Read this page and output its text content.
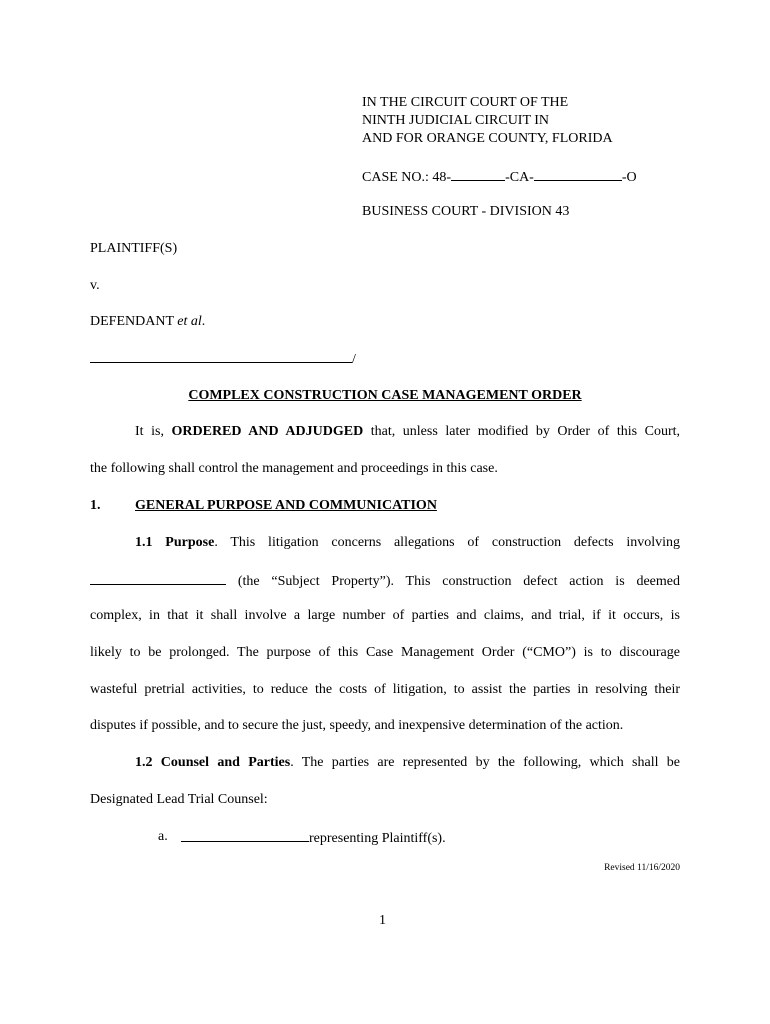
IN THE CIRCUIT COURT OF THE
NINTH JUDICIAL CIRCUIT IN
AND FOR ORANGE COUNTY, FLORIDA
CASE NO.: 48-	-CA-	-O
BUSINESS COURT - DIVISION 43
PLAINTIFF(S)
v.
DEFENDANT et al.
/
COMPLEX CONSTRUCTION CASE MANAGEMENT ORDER
It is, ORDERED AND ADJUDGED that, unless later modified by Order of this Court,
the following shall control the management and proceedings in this case.
1. GENERAL PURPOSE AND COMMUNICATION
1.1 Purpose. This litigation concerns allegations of construction defects involving
(the “Subject Property”). This construction defect action is deemed
complex, in that it shall involve a large number of parties and claims, and trial, if it occurs, is
likely to be prolonged. The purpose of this Case Management Order (“CMO”) is to discourage
wasteful pretrial activities, to reduce the costs of litigation, to assist the parties in resolving their
disputes if possible, and to secure the just, speedy, and inexpensive determination of the action.
1.2 Counsel and Parties. The parties are represented by the following, which shall be
Designated Lead Trial Counsel:
a.	representing Plaintiff(s).
Revised 11/16/2020
1
